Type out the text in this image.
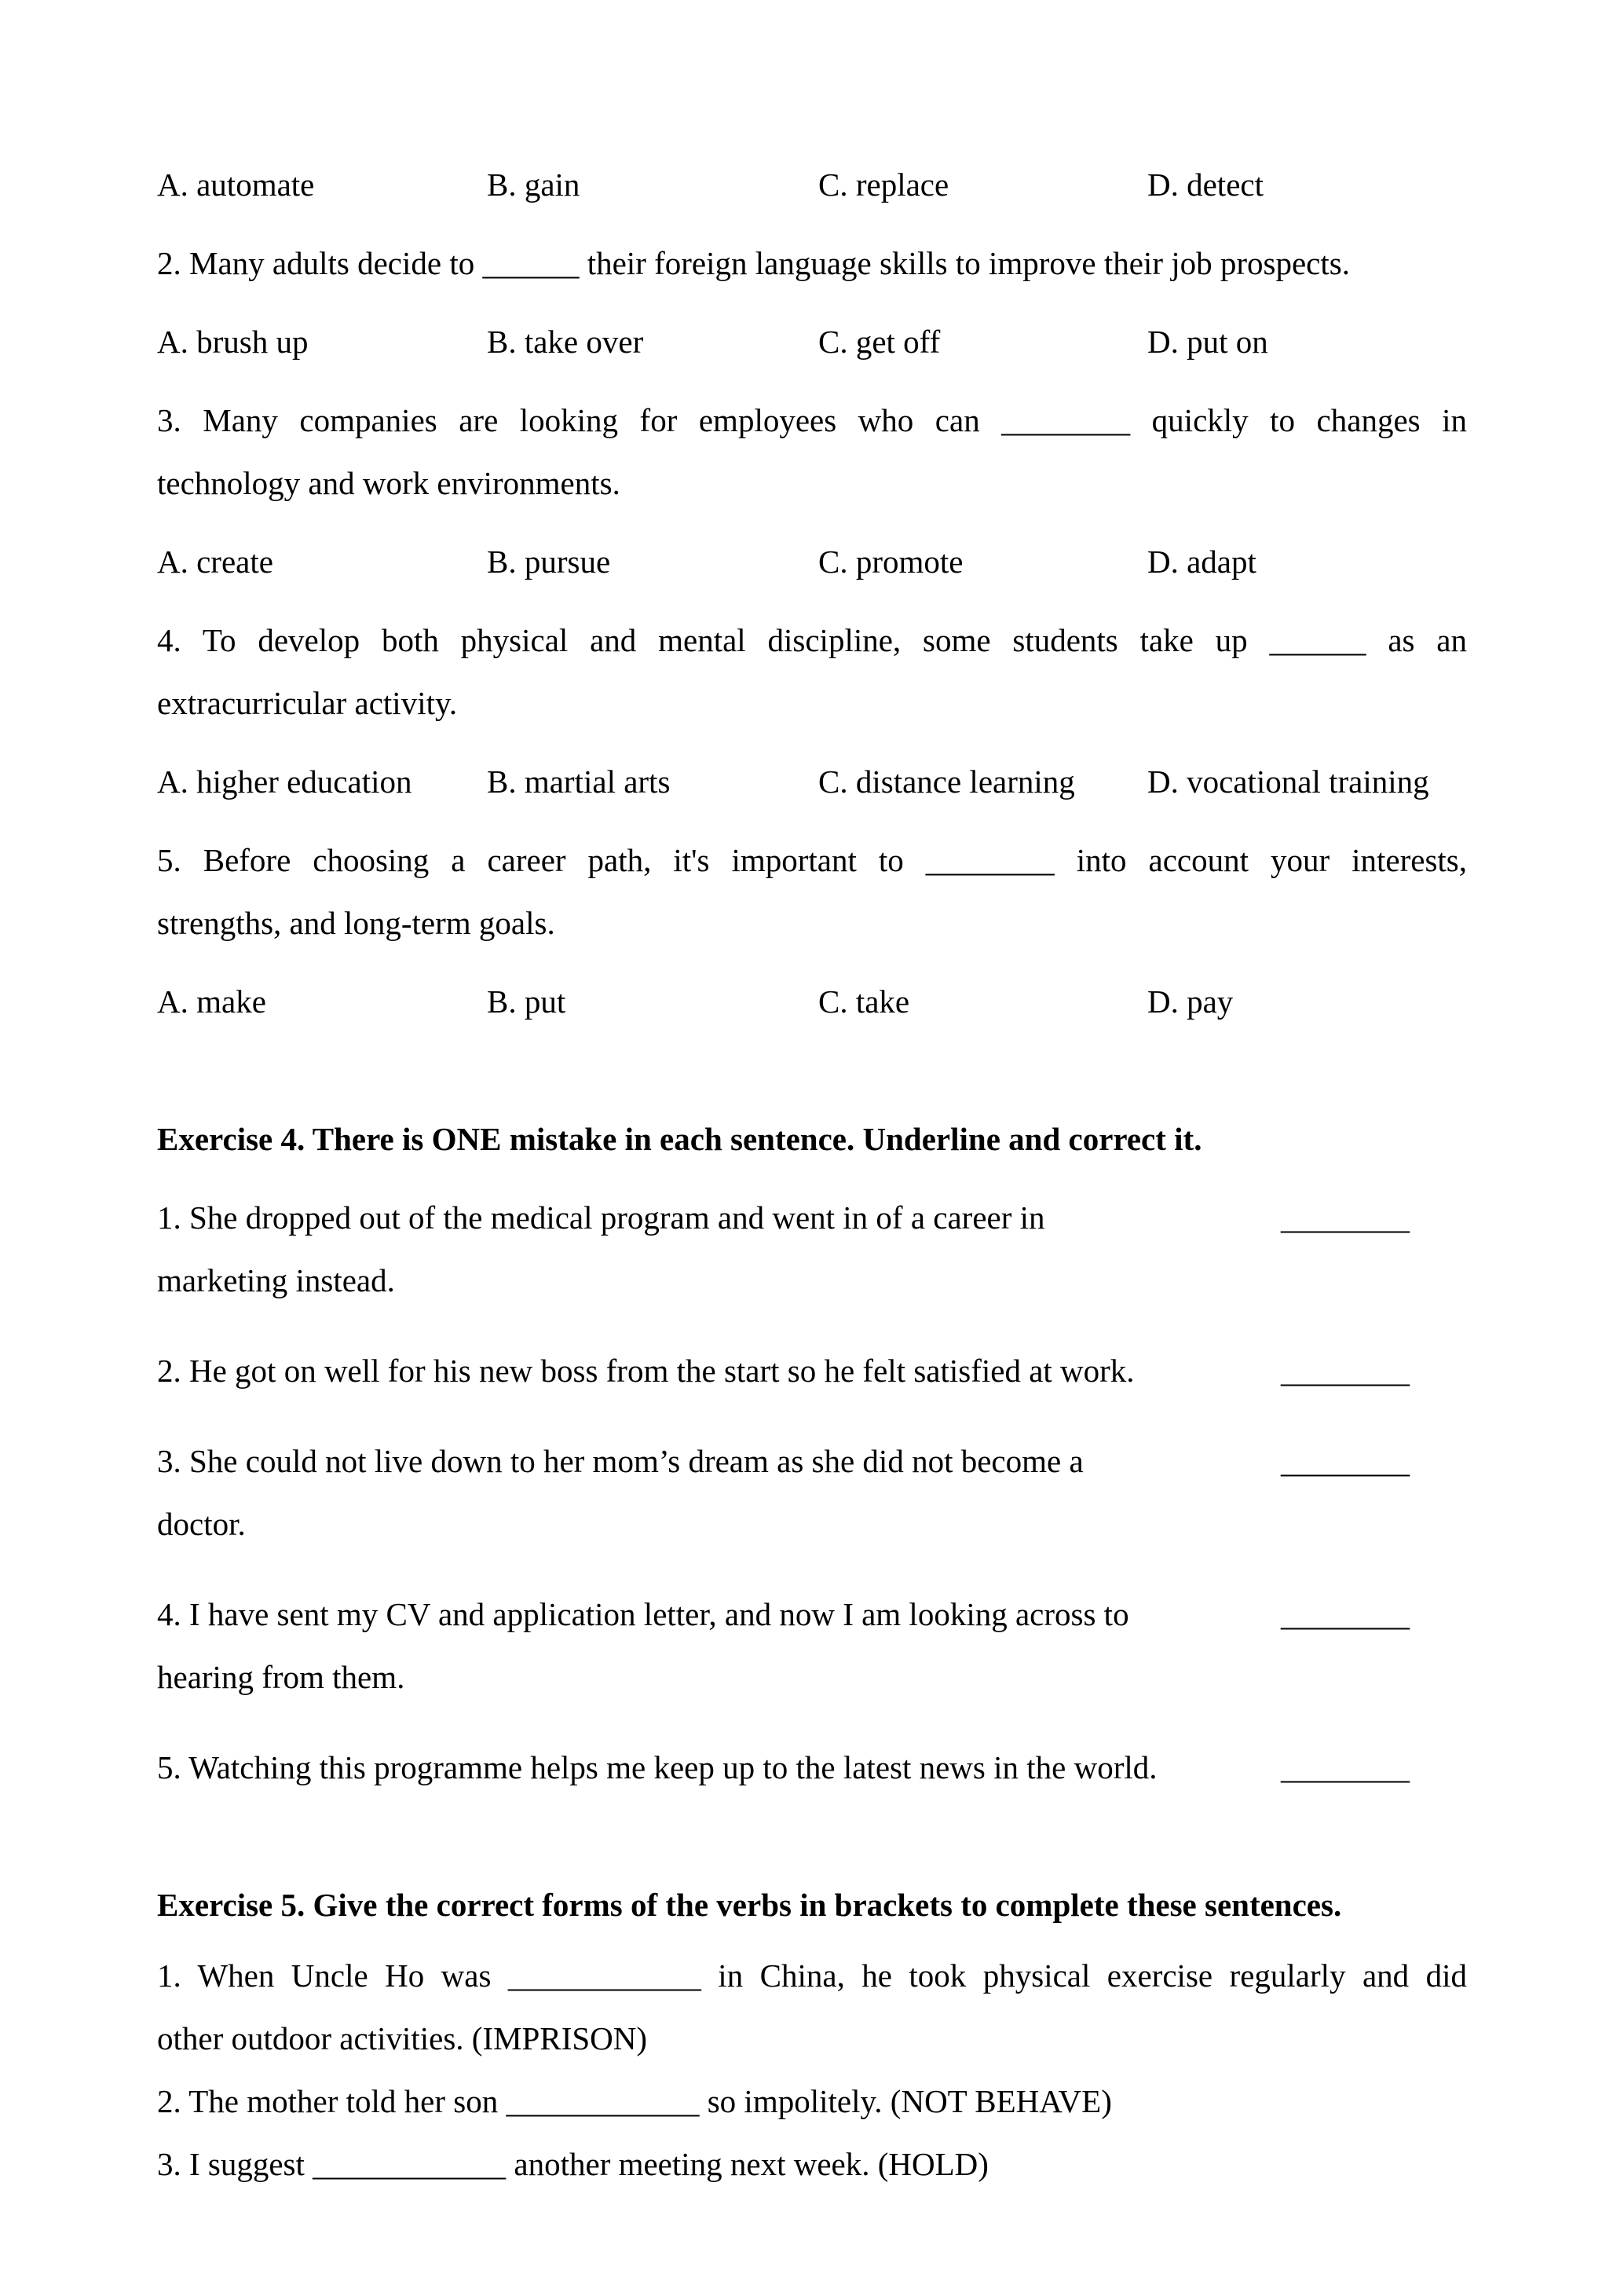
A. automate	B. gain	C. replace	D. detect
2. Many adults decide to ______ their foreign language skills to improve their job prospects.
A. brush up	B. take over	C. get off	D. put on
3. Many companies are looking for employees who can ________ quickly to changes in
technology and work environments.
A. create	B. pursue	C. promote	D. adapt
4. To develop both physical and mental discipline, some students take up ______ as an
extracurricular activity.
A. higher education	B. martial arts	C. distance learning	D. vocational training
5. Before choosing a career path, it's important to ________ into account your interests,
strengths, and long-term goals.
A. make	B. put	C. take	D. pay
Exercise 4. There is ONE mistake in each sentence. Underline and correct it.
1. She dropped out of the medical program and went in of a career in
marketing instead.
________
2. He got on well for his new boss from the start so he felt satisfied at work.	________
3. She could not live down to her mom’s dream as she did not become a
doctor.
________
4. I have sent my CV and application letter, and now I am looking across to
hearing from them.
________
5. Watching this programme helps me keep up to the latest news in the world.	________
Exercise 5. Give the correct forms of the verbs in brackets to complete these sentences.
1. When Uncle Ho was ____________ in China, he took physical exercise regularly and did
other outdoor activities. (IMPRISON)
2. The mother told her son ____________ so impolitely. (NOT BEHAVE)
3. I suggest ____________ another meeting next week. (HOLD)
